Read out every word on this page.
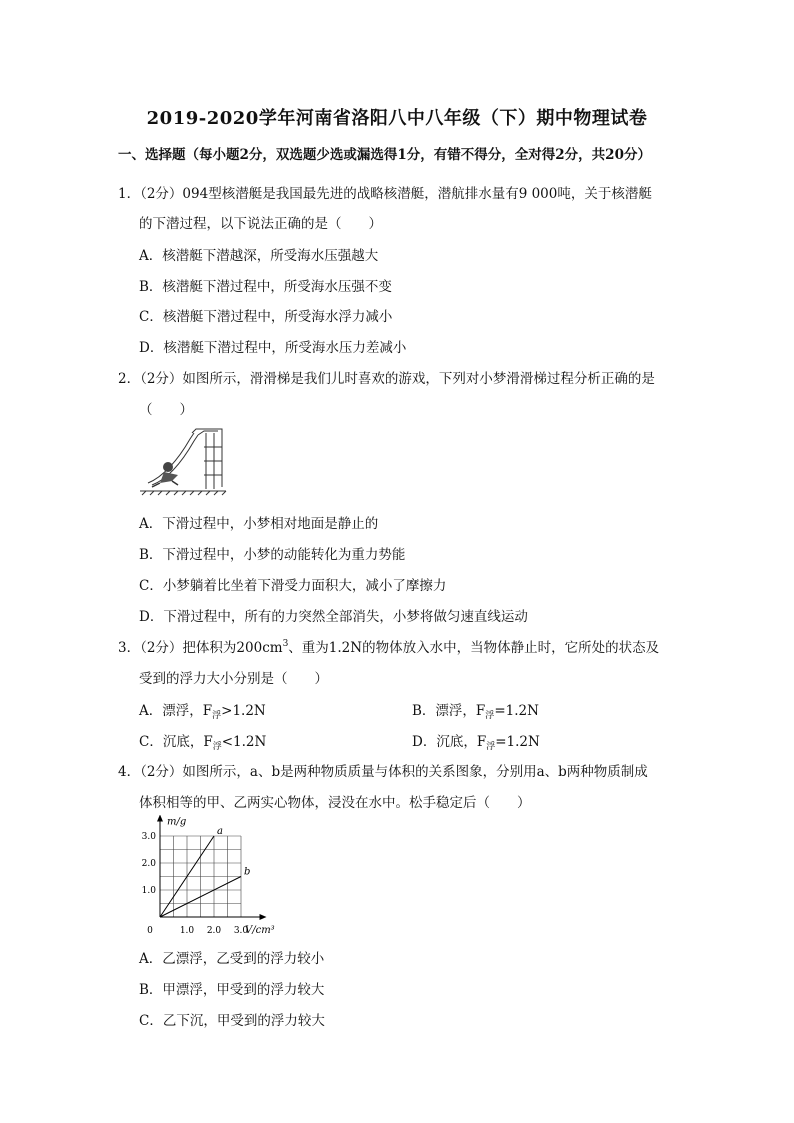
2019-2020学年河南省洛阳八中八年级（下）期中物理试卷
一、选择题（每小题2分，双选题少选或漏选得1分，有错不得分，全对得2分，共20分）
1．（2分）094型核潜艇是我国最先进的战略核潜艇，潜航排水量有9 000吨，关于核潜艇
的下潜过程，以下说法正确的是（　　）
A．核潜艇下潜越深，所受海水压强越大
B．核潜艇下潜过程中，所受海水压强不变
C．核潜艇下潜过程中，所受海水浮力减小
D．核潜艇下潜过程中，所受海水压力差减小
2．（2分）如图所示，滑滑梯是我们儿时喜欢的游戏，下列对小梦滑滑梯过程分析正确的是
（　　）
A．下滑过程中，小梦相对地面是静止的
B．下滑过程中，小梦的动能转化为重力势能
C．小梦躺着比坐着下滑受力面积大，减小了摩擦力
D．下滑过程中，所有的力突然全部消失，小梦将做匀速直线运动
3．（2分）把体积为$200cm^3$、重为1.2N的物体放入水中，当物体静止时，它所处的状态及
受到的浮力大小分别是（　　）
A．漂浮，$F_浮>1.2N$	B．漂浮，$F_浮=1.2N$
C．沉底，$F_浮<1.2N$	D．沉底，$F_浮=1.2N$
4．（2分）如图所示，a、b是两种物质质量与体积的关系图象，分别用a、b两种物质制成
体积相等的甲、乙两实心物体，浸没在水中。松手稳定后（　　）
0	1.0 2.0 3.0
1.0
2.0
3.0
m/g
V/cm³
a
b
A．乙漂浮，乙受到的浮力较小
B．甲漂浮，甲受到的浮力较大
C．乙下沉，甲受到的浮力较大
